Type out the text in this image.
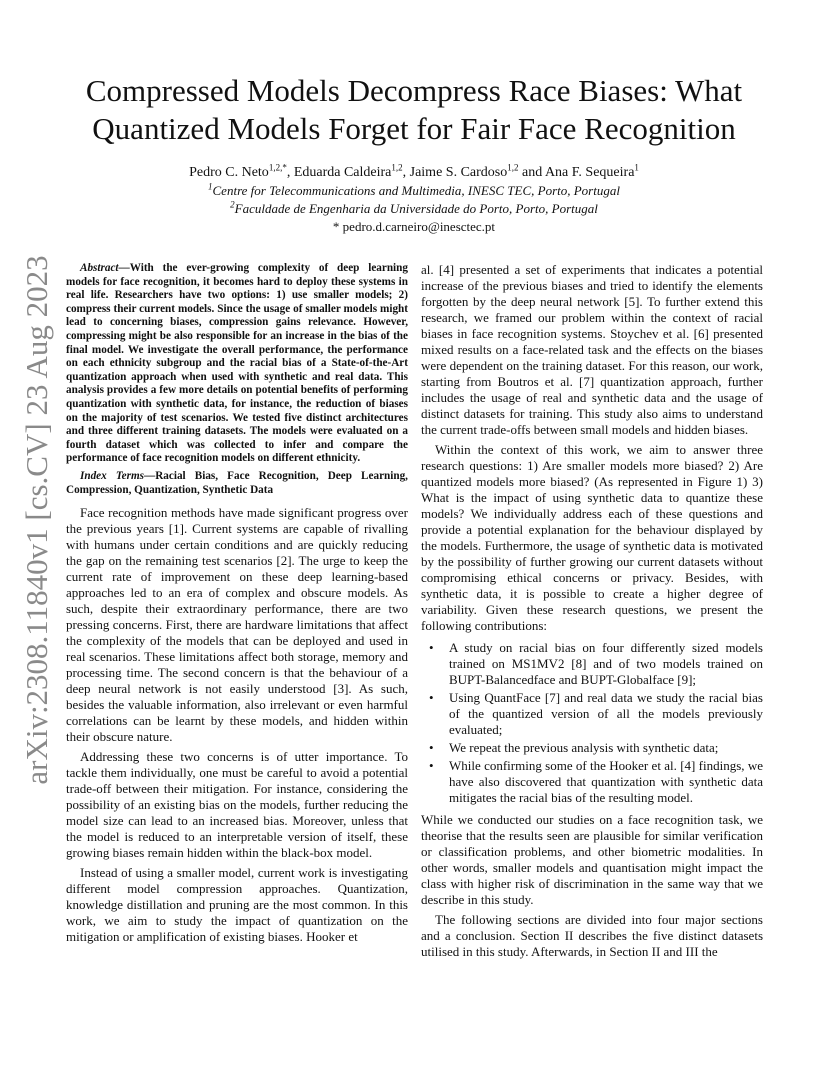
arXiv:2308.11840v1 [cs.CV] 23 Aug 2023
Compressed Models Decompress Race Biases: What
Quantized Models Forget for Fair Face Recognition
Pedro C. Neto$^{1,2,*}$, Eduarda Caldeira$^{1,2}$, Jaime S. Cardoso$^{1,2}$ and Ana F. Sequeira$^1$
$^1$Centre for Telecommunications and Multimedia, INESC TEC, Porto, Portugal
$^2$Faculdade de Engenharia da Universidade do Porto, Porto, Portugal
* pedro.d.carneiro@inesctec.pt

Abstract—With the ever-growing complexity of deep learning models for face recognition, it becomes hard to deploy these systems in real life. Researchers have two options: 1) use smaller models; 2) compress their current models. Since the usage of smaller models might lead to concerning biases, compression gains relevance. However, compressing might be also responsible for an increase in the bias of the final model. We investigate the overall performance, the performance on each ethnicity subgroup and the racial bias of a State-of-the-Art quantization approach when used with synthetic and real data. This analysis provides a few more details on potential benefits of performing quantization with synthetic data, for instance, the reduction of biases on the majority of test scenarios. We tested five distinct architectures and three different training datasets. The models were evaluated on a fourth dataset which was collected to infer and compare the performance of face recognition models on different ethnicity.

Index Terms—Racial Bias, Face Recognition, Deep Learning, Compression, Quantization, Synthetic Data

Face recognition methods have made significant progress over the previous years [1]. Current systems are capable of rivalling with humans under certain conditions and are quickly reducing the gap on the remaining test scenarios [2]. The urge to keep the current rate of improvement on these deep learning-based approaches led to an era of complex and obscure models. As such, despite their extraordinary performance, there are two pressing concerns. First, there are hardware limitations that affect the complexity of the models that can be deployed and used in real scenarios. These limitations affect both storage, memory and processing time. The second concern is that the behaviour of a deep neural network is not easily understood [3]. As such, besides the valuable information, also irrelevant or even harmful correlations can be learnt by these models, and hidden within their obscure nature.

Addressing these two concerns is of utter importance. To tackle them individually, one must be careful to avoid a potential trade-off between their mitigation. For instance, considering the possibility of an existing bias on the models, further reducing the model size can lead to an increased bias. Moreover, unless that the model is reduced to an interpretable version of itself, these growing biases remain hidden within the black-box model.

Instead of using a smaller model, current work is investigating different model compression approaches. Quantization, knowledge distillation and pruning are the most common. In this work, we aim to study the impact of quantization on the mitigation or amplification of existing biases. Hooker et

al. [4] presented a set of experiments that indicates a potential increase of the previous biases and tried to identify the elements forgotten by the deep neural network [5]. To further extend this research, we framed our problem within the context of racial biases in face recognition systems. Stoychev et al. [6] presented mixed results on a face-related task and the effects on the biases were dependent on the training dataset. For this reason, our work, starting from Boutros et al. [7] quantization approach, further includes the usage of real and synthetic data and the usage of distinct datasets for training. This study also aims to understand the current trade-offs between small models and hidden biases.

Within the context of this work, we aim to answer three research questions: 1) Are smaller models more biased? 2) Are quantized models more biased? (As represented in Figure 1) 3) What is the impact of using synthetic data to quantize these models? We individually address each of these questions and provide a potential explanation for the behaviour displayed by the models. Furthermore, the usage of synthetic data is motivated by the possibility of further growing our current datasets without compromising ethical concerns or privacy. Besides, with synthetic data, it is possible to create a higher degree of variability. Given these research questions, we present the following contributions:

• A study on racial bias on four differently sized models trained on MS1MV2 [8] and of two models trained on BUPT-Balancedface and BUPT-Globalface [9];
• Using QuantFace [7] and real data we study the racial bias of the quantized version of all the models previously evaluated;
• We repeat the previous analysis with synthetic data;
• While confirming some of the Hooker et al. [4] findings, we have also discovered that quantization with synthetic data mitigates the racial bias of the resulting model.

While we conducted our studies on a face recognition task, we theorise that the results seen are plausible for similar verification or classification problems, and other biometric modalities. In other words, smaller models and quantisation might impact the class with higher risk of discrimination in the same way that we describe in this study.

The following sections are divided into four major sections and a conclusion. Section II describes the five distinct datasets utilised in this study. Afterwards, in Section II and III the
